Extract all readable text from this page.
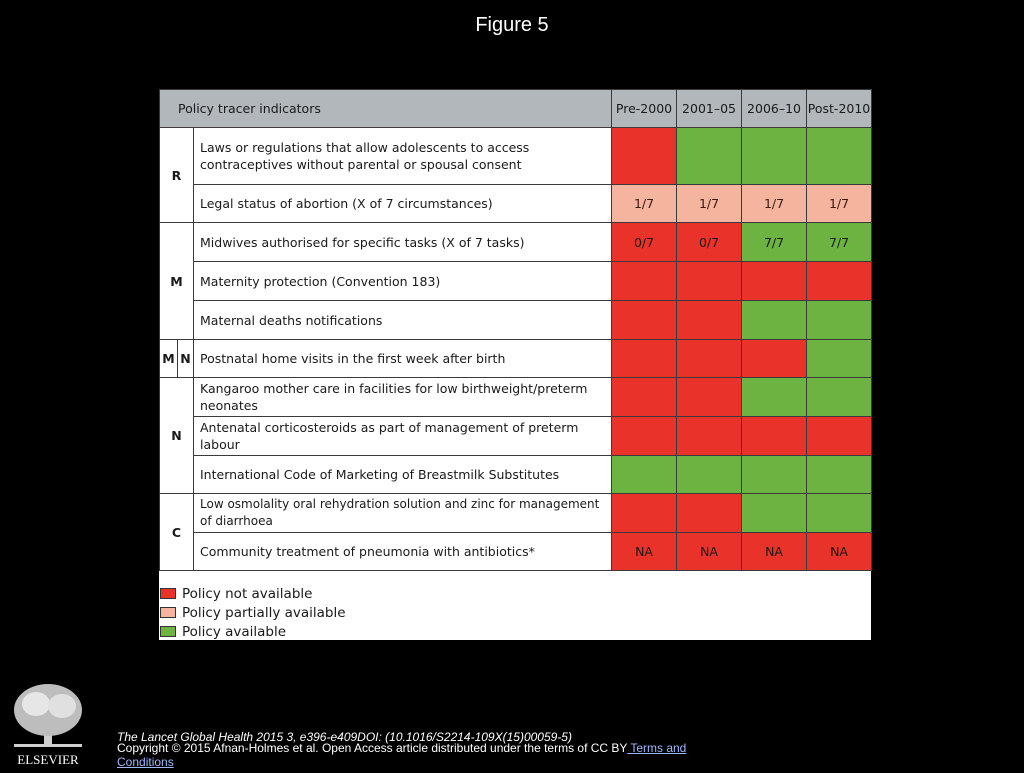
Figure 5
Policy tracer indicators			Pre-2000	2001–05	2006–10	Post-2010
R		Laws or regulations that allow adolescents to access contraceptives without parental or spousal consent				
		Legal status of abortion (X of 7 circumstances)	1/7	1/7	1/7	1/7
M		Midwives authorised for specific tasks (X of 7 tasks)	0/7	0/7	7/7	7/7
		Maternity protection (Convention 183)				
		Maternal deaths notifications				
M	N	Postnatal home visits in the first week after birth				
N		Kangaroo mother care in facilities for low birthweight/preterm neonates				
		Antenatal corticosteroids as part of management of preterm labour				
		International Code of Marketing of Breastmilk Substitutes				
C		Low osmolality oral rehydration solution and zinc for management of diarrhoea				
		Community treatment of pneumonia with antibiotics*	NA	NA	NA	NA
Policy not available
Policy partially available
Policy available
ELSEVIER
The Lancet Global Health 2015 3, e396-e409DOI: (10.1016/S2214-109X(15)00059-5)
Copyright © 2015 Afnan-Holmes et al. Open Access article distributed under the terms of CC BY Terms and Conditions
